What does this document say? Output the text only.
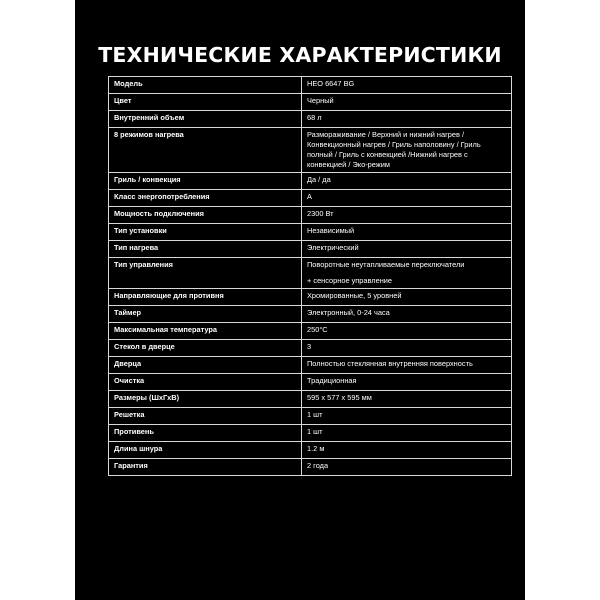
ТЕХНИЧЕСКИЕ ХАРАКТЕРИСТИКИ
Модель	HEO 6647 BG
Цвет	Черный
Внутренний объем	68 л
8 режимов нагрева	Размораживание / Верхний и нижний нагрев / Конвекционный нагрев / Гриль наполовину / Гриль полный / Гриль с конвекцией /Нижний нагрев с конвекцией / Эко-режим
Гриль / конвекция	Да / да
Класс энергопотребления	A
Мощность подключения	2300 Вт
Тип установки	Независимый
Тип нагрева	Электрический
Тип управления	Поворотные неутапливаемые переключатели
+ сенсорное управление

Направляющие для противня	Хромированные, 5 уровней
Таймер	Электронный, 0-24 часа
Максимальная температура	250°C
Стекол в дверце	3
Дверца	Полностью стеклянная внутренняя поверхность
Очистка	Традиционная
Размеры (ШхГхВ)	595 х 577 х 595 мм
Решетка	1 шт
Противень	1 шт
Длина шнура	1.2 м
Гарантия	2 года
